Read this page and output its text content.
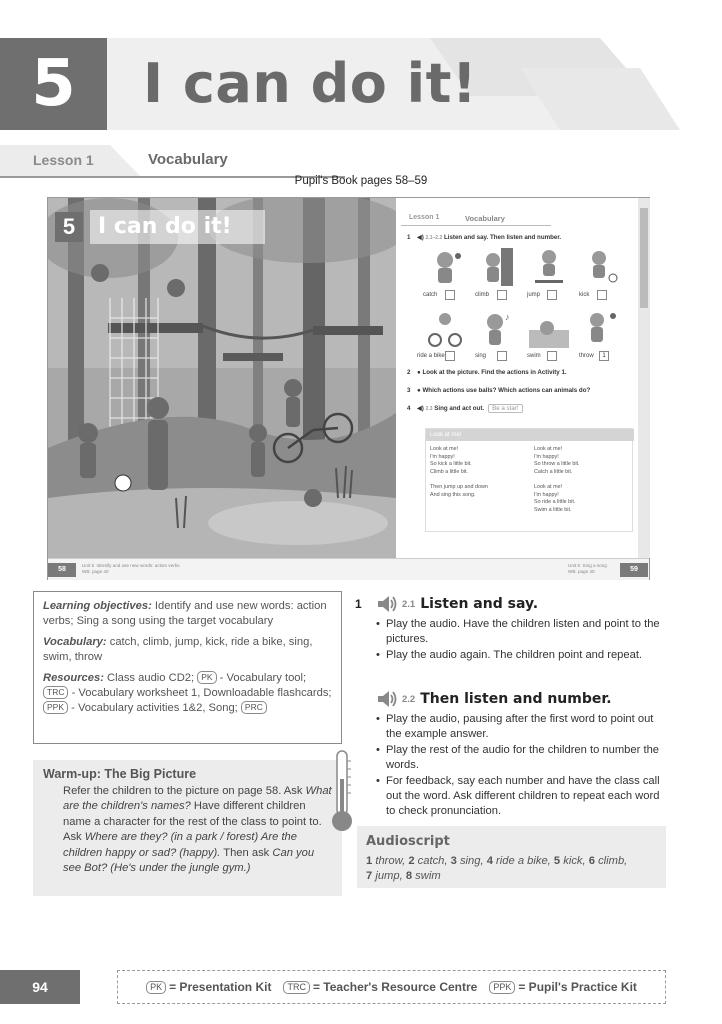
5	I can do it!
Lesson 1	Vocabulary
Pupil's Book pages 58–59
5	I can do it!	Lesson 1	Vocabulary
1 ◀) 2.1–2.2 Listen and say. Then listen and number.
catch	climb	jump	kick
♪
ride a bike	sing	swim	throw	1
2 ● Look at the picture. Find the actions in Activity 1.
3 ● Which actions use balls? Which actions can animals do?
4 ◀) 2.3 Sing and act out. Be a star!
Look at me!
Look at me!
I'm happy!
So kick a little bit.
Climb a little bit.

Then jump up and down
And sing this song.
Look at me!
I'm happy!
So throw a little bit.
Catch a little bit.

Look at me!
I'm happy!
So ride a little bit.
Swim a little bit.
58
Unit 5  Identify and use new words: action verbs
WB: page 40
Unit 5  Sing a song
WB: page 40	59

Learning objectives: Identify and use new words: action verbs; Sing a song using the target vocabulary

Vocabulary: catch, climb, jump, kick, ride a bike, sing, swim, throw

Resources: Class audio CD2; PK - Vocabulary tool; TRC - Vocabulary worksheet 1, Downloadable flashcards; PPK - Vocabulary activities 1&2, Song; PRC

Warm-up: The Big Picture
Refer the children to the picture on page 58. Ask What are the children's names? Have different children name a character for the rest of the class to point to. Ask Where are they? (in a park / forest) Are the children happy or sad? (happy). Then ask Can you see Bot? (He's under the jungle gym.)
1	2.1 Listen and say.
• Play the audio. Have the children listen and point to the pictures.
• Play the audio again. The children point and repeat.
2.2 Then listen and number.
• Play the audio, pausing after the first word to point out the example answer.
• Play the rest of the audio for the children to number the words.
• For feedback, say each number and have the class call out the word. Ask different children to repeat each word to check pronunciation.
Audioscript
1 throw, 2 catch, 3 sing, 4 ride a bike, 5 kick, 6 climb,
7 jump, 8 swim
94	PK = Presentation Kit	TRC = Teacher's Resource Centre	PPK = Pupil's Practice Kit
